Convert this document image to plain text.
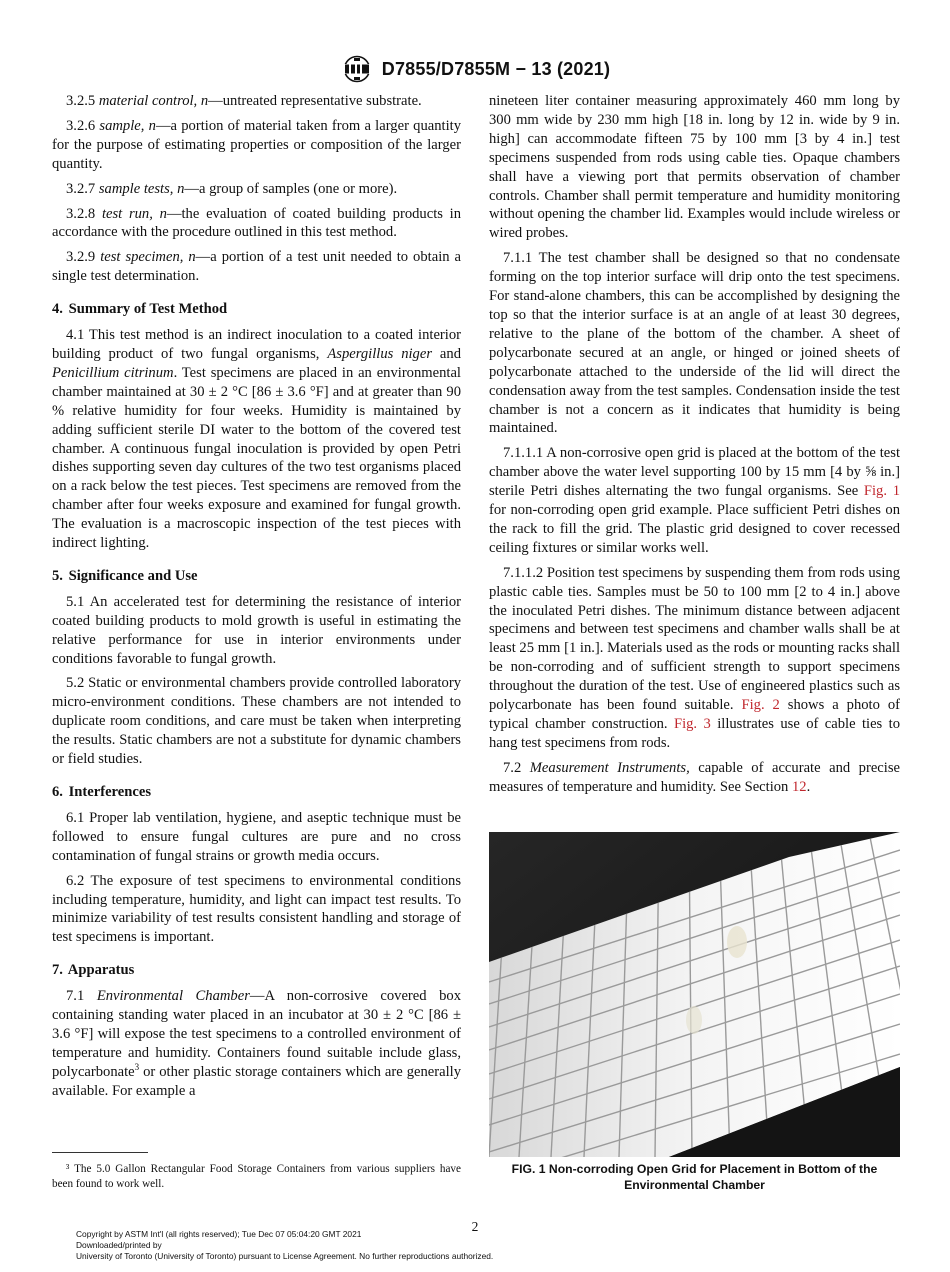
D7855/D7855M − 13 (2021)

3.2.5 material control, n—untreated representative substrate.

3.2.6 sample, n—a portion of material taken from a larger quantity for the purpose of estimating properties or composition of the larger quantity.

3.2.7 sample tests, n—a group of samples (one or more).

3.2.8 test run, n—the evaluation of coated building products in accordance with the procedure outlined in this test method.

3.2.9 test specimen, n—a portion of a test unit needed to obtain a single test determination.

4. Summary of Test Method

4.1 This test method is an indirect inoculation to a coated interior building product of two fungal organisms, Aspergillus niger and Penicillium citrinum. Test specimens are placed in an environmental chamber maintained at 30 ± 2 °C [86 ± 3.6 °F] and at greater than 90 % relative humidity for four weeks. Humidity is maintained by adding sufficient sterile DI water to the bottom of the covered test chamber. A continuous fungal inoculation is provided by open Petri dishes supporting seven day cultures of the two test organisms placed on a rack below the test pieces. Test specimens are removed from the chamber after four weeks exposure and examined for fungal growth. The evaluation is a macroscopic inspection of the test pieces with indirect lighting.

5. Significance and Use

5.1 An accelerated test for determining the resistance of interior coated building products to mold growth is useful in estimating the relative performance for use in interior environments under conditions favorable to fungal growth.

5.2 Static or environmental chambers provide controlled laboratory micro-environment conditions. These chambers are not intended to duplicate room conditions, and care must be taken when interpreting the results. Static chambers are not a substitute for dynamic chambers or field studies.

6. Interferences

6.1 Proper lab ventilation, hygiene, and aseptic technique must be followed to ensure fungal cultures are pure and no cross contamination of fungal strains or growth media occurs.

6.2 The exposure of test specimens to environmental conditions including temperature, humidity, and light can impact test results. To minimize variability of test results consistent handling and storage of test specimens is important.

7. Apparatus

7.1 Environmental Chamber—A non-corrosive covered box containing standing water placed in an incubator at 30 ± 2 °C [86 ± 3.6 °F] will expose the test specimens to a controlled environment of temperature and humidity. Containers found suitable include glass, polycarbonate$^3$ or other plastic storage containers which are generally available. For example a

nineteen liter container measuring approximately 460 mm long by 300 mm wide by 230 mm high [18 in. long by 12 in. wide by 9 in. high] can accommodate fifteen 75 by 100 mm [3 by 4 in.] test specimens suspended from rods using cable ties. Opaque chambers shall have a viewing port that permits observation of chamber controls. Chamber shall permit temperature and humidity monitoring without opening the chamber lid. Examples would include wireless or wired probes.

7.1.1 The test chamber shall be designed so that no condensate forming on the top interior surface will drip onto the test specimens. For stand-alone chambers, this can be accomplished by designing the top so that the interior surface is at an angle of at least 30 degrees, relative to the plane of the bottom of the chamber. A sheet of polycarbonate secured at an angle, or hinged or joined sheets of polycarbonate attached to the underside of the lid will direct the condensation away from the test samples. Condensation inside the test chamber is not a concern as it indicates that humidity is being maintained.

7.1.1.1 A non-corrosive open grid is placed at the bottom of the test chamber above the water level supporting 100 by 15 mm [4 by ⅝ in.] sterile Petri dishes alternating the two fungal organisms. See Fig. 1 for non-corroding open grid example. Place sufficient Petri dishes on the rack to fill the grid. The plastic grid designed to cover recessed ceiling fixtures or similar works well.

7.1.1.2 Position test specimens by suspending them from rods using plastic cable ties. Samples must be 50 to 100 mm [2 to 4 in.] above the inoculated Petri dishes. The minimum distance between adjacent specimens and between test specimens and chamber walls shall be at least 25 mm [1 in.]. Materials used as the rods or mounting racks shall be non-corroding and of sufficient strength to support specimens throughout the duration of the test. Use of engineered plastics such as polycarbonate has been found suitable. Fig. 2 shows a photo of typical chamber construction. Fig. 3 illustrates use of cable ties to hang test specimens from rods.

7.2 Measurement Instruments, capable of accurate and precise measures of temperature and humidity. See Section 12.

FIG. 1 Non-corroding Open Grid for Placement in Bottom of the Environmental Chamber
³ The 5.0 Gallon Rectangular Food Storage Containers from various suppliers have been found to work well.
2
Copyright by ASTM Int'l (all rights reserved); Tue Dec 07 05:04:20 GMT 2021
Downloaded/printed by
University of Toronto (University of Toronto) pursuant to License Agreement. No further reproductions authorized.
